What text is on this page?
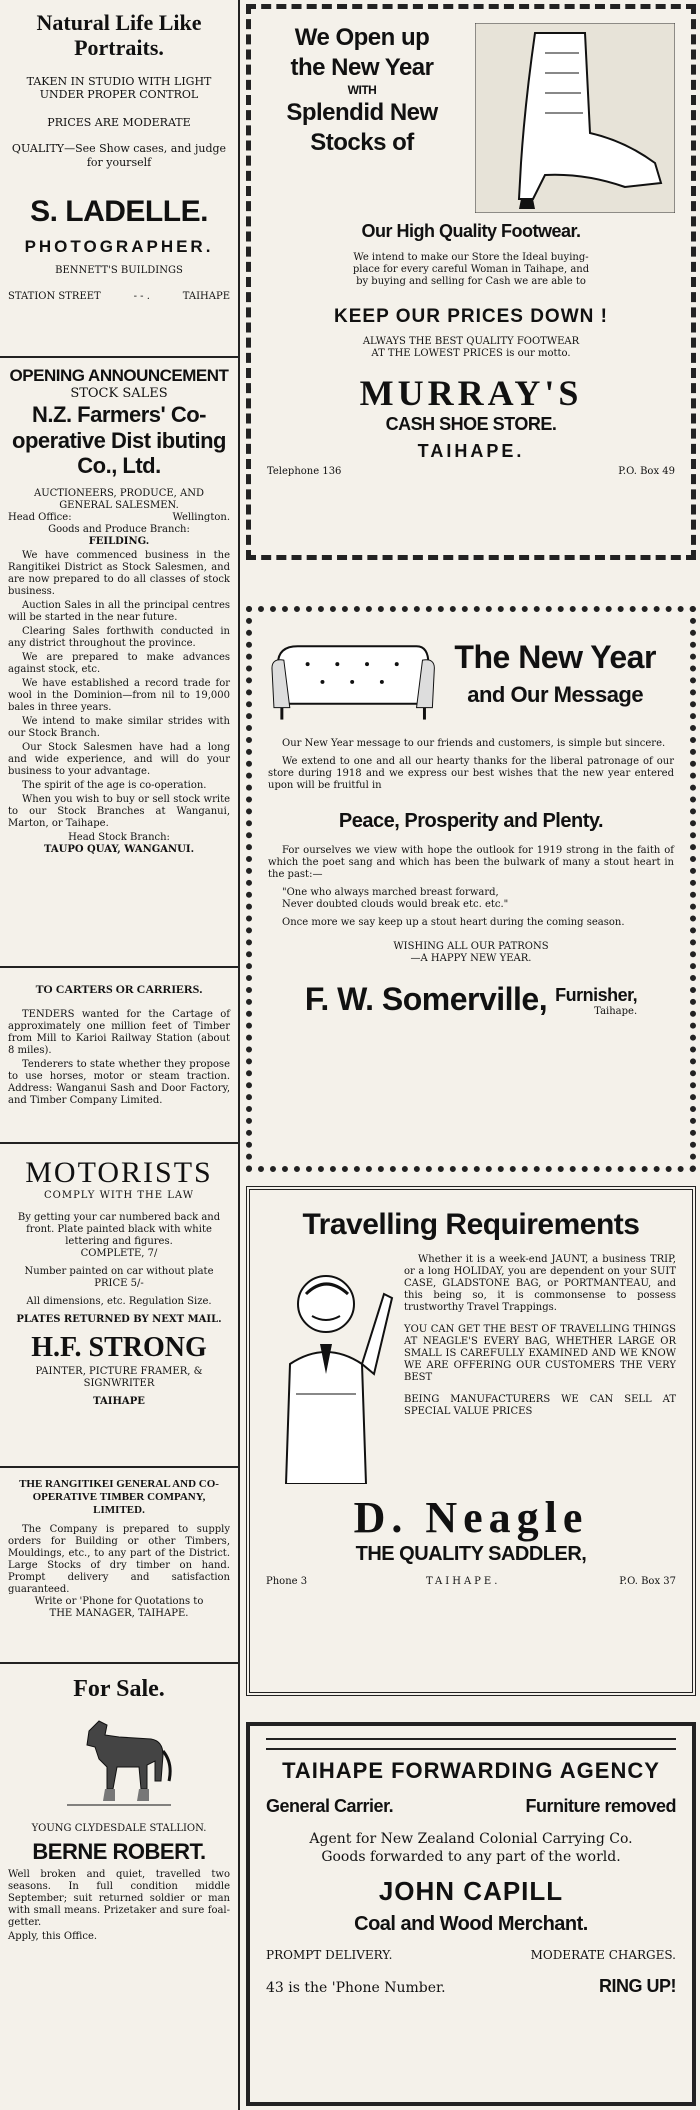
Natural Life Like Portraits.
TAKEN IN STUDIO WITH LIGHT UNDER PROPER CONTROL
PRICES ARE MODERATE
QUALITY—See Show cases, and judge for yourself
S. LADELLE.
PHOTOGRAPHER.
BENNETT'S BUILDINGS
STATION STREET	- - .	TAIHAPE
OPENING ANNOUNCEMENT
STOCK SALES
N.Z. Farmers' Co-operative Dist ibuting Co., Ltd.
AUCTIONEERS, PRODUCE, AND GENERAL SALESMEN.
Head Office:	Wellington.
Goods and Produce Branch:
FEILDING.

We have commenced business in the Rangitikei District as Stock Salesmen, and are now prepared to do all classes of stock business.

Auction Sales in all the principal centres will be started in the near future.

Clearing Sales forthwith conducted in any district throughout the province.

We are prepared to make advances against stock, etc.

We have established a record trade for wool in the Dominion—from nil to 19,000 bales in three years.

We intend to make similar strides with our Stock Branch.

Our Stock Salesmen have had a long and wide experience, and will do your business to your advantage.

The spirit of the age is co-operation.

When you wish to buy or sell stock write to our Stock Branches at Wanganui, Marton, or Taihape.

Head Stock Branch:
TAUPO QUAY, WANGANUI.
TO CARTERS OR CARRIERS.
TENDERS wanted for the Cartage of approximately one million feet of Timber from Mill to Karioi Railway Station (about 8 miles).
Tenderers to state whether they propose to use horses, motor or steam traction. Address: Wanganui Sash and Door Factory, and Timber Company Limited.
MOTORISTS
COMPLY WITH THE LAW
By getting your car numbered back and front. Plate painted black with white lettering and figures.
COMPLETE, 7/
Number painted on car without plate
PRICE 5/-
All dimensions, etc. Regulation Size.
PLATES RETURNED BY NEXT MAIL.
H.F. STRONG
PAINTER, PICTURE FRAMER, & SIGNWRITER
TAIHAPE
THE RANGITIKEI GENERAL AND CO-OPERATIVE TIMBER COMPANY, LIMITED.
The Company is prepared to supply orders for Building or other Timbers, Mouldings, etc., to any part of the District. Large Stocks of dry timber on hand. Prompt delivery and satisfaction guaranteed.
Write or 'Phone for Quotations to
THE MANAGER, TAIHAPE.
For Sale.
YOUNG CLYDESDALE STALLION.
BERNE ROBERT.
Well broken and quiet, travelled two seasons. In full condition middle September; suit returned soldier or man with small means. Prizetaker and sure foal-getter.
Apply, this Office.
We Open up
the New Year
WITH
Splendid New
Stocks of
Our High Quality Footwear.
We intend to make our Store the Ideal buying-place for every careful Woman in Taihape, and by buying and selling for Cash we are able to
KEEP OUR PRICES DOWN !
ALWAYS THE BEST QUALITY FOOTWEAR AT THE LOWEST PRICES is our motto.
MURRAY'S
CASH SHOE STORE.
TAIHAPE.
Telephone 136	P.O. Box 49
The New Year
and Our Message
Our New Year message to our friends and customers, is simple but sincere.
We extend to one and all our hearty thanks for the liberal patronage of our store during 1918 and we express our best wishes that the new year entered upon will be fruitful in
Peace, Prosperity and Plenty.
For ourselves we view with hope the outlook for 1919 strong in the faith of which the poet sang and which has been the bulwark of many a stout heart in the past:—
"One who always marched breast forward,
Never doubted clouds would break etc. etc."
Once more we say keep up a stout heart during the coming season.
WISHING ALL OUR PATRONS
—A HAPPY NEW YEAR.
F. W. Somerville, Furnisher,
Taihape.
Travelling Requirements
Whether it is a week-end JAUNT, a business TRIP, or a long HOLIDAY, you are dependent on your SUIT CASE, GLADSTONE BAG, or PORTMANTEAU, and this being so, it is commonsense to possess trustworthy Travel Trappings.
YOU CAN GET THE BEST OF TRAVELLING THINGS AT NEAGLE'S EVERY BAG, WHETHER LARGE OR SMALL IS CAREFULLY EXAMINED AND WE KNOW WE ARE OFFERING OUR CUSTOMERS THE VERY BEST
BEING MANUFACTURERS WE CAN SELL AT SPECIAL VALUE PRICES
D. Neagle
THE QUALITY SADDLER,
Phone 3	TAIHAPE.	P.O. Box 37
TAIHAPE FORWARDING AGENCY
General Carrier.	Furniture removed
Agent for New Zealand Colonial Carrying Co.
Goods forwarded to any part of the world.
JOHN CAPILL
Coal and Wood Merchant.
PROMPT DELIVERY.	MODERATE CHARGES.
43 is the 'Phone Number.	RING UP!
